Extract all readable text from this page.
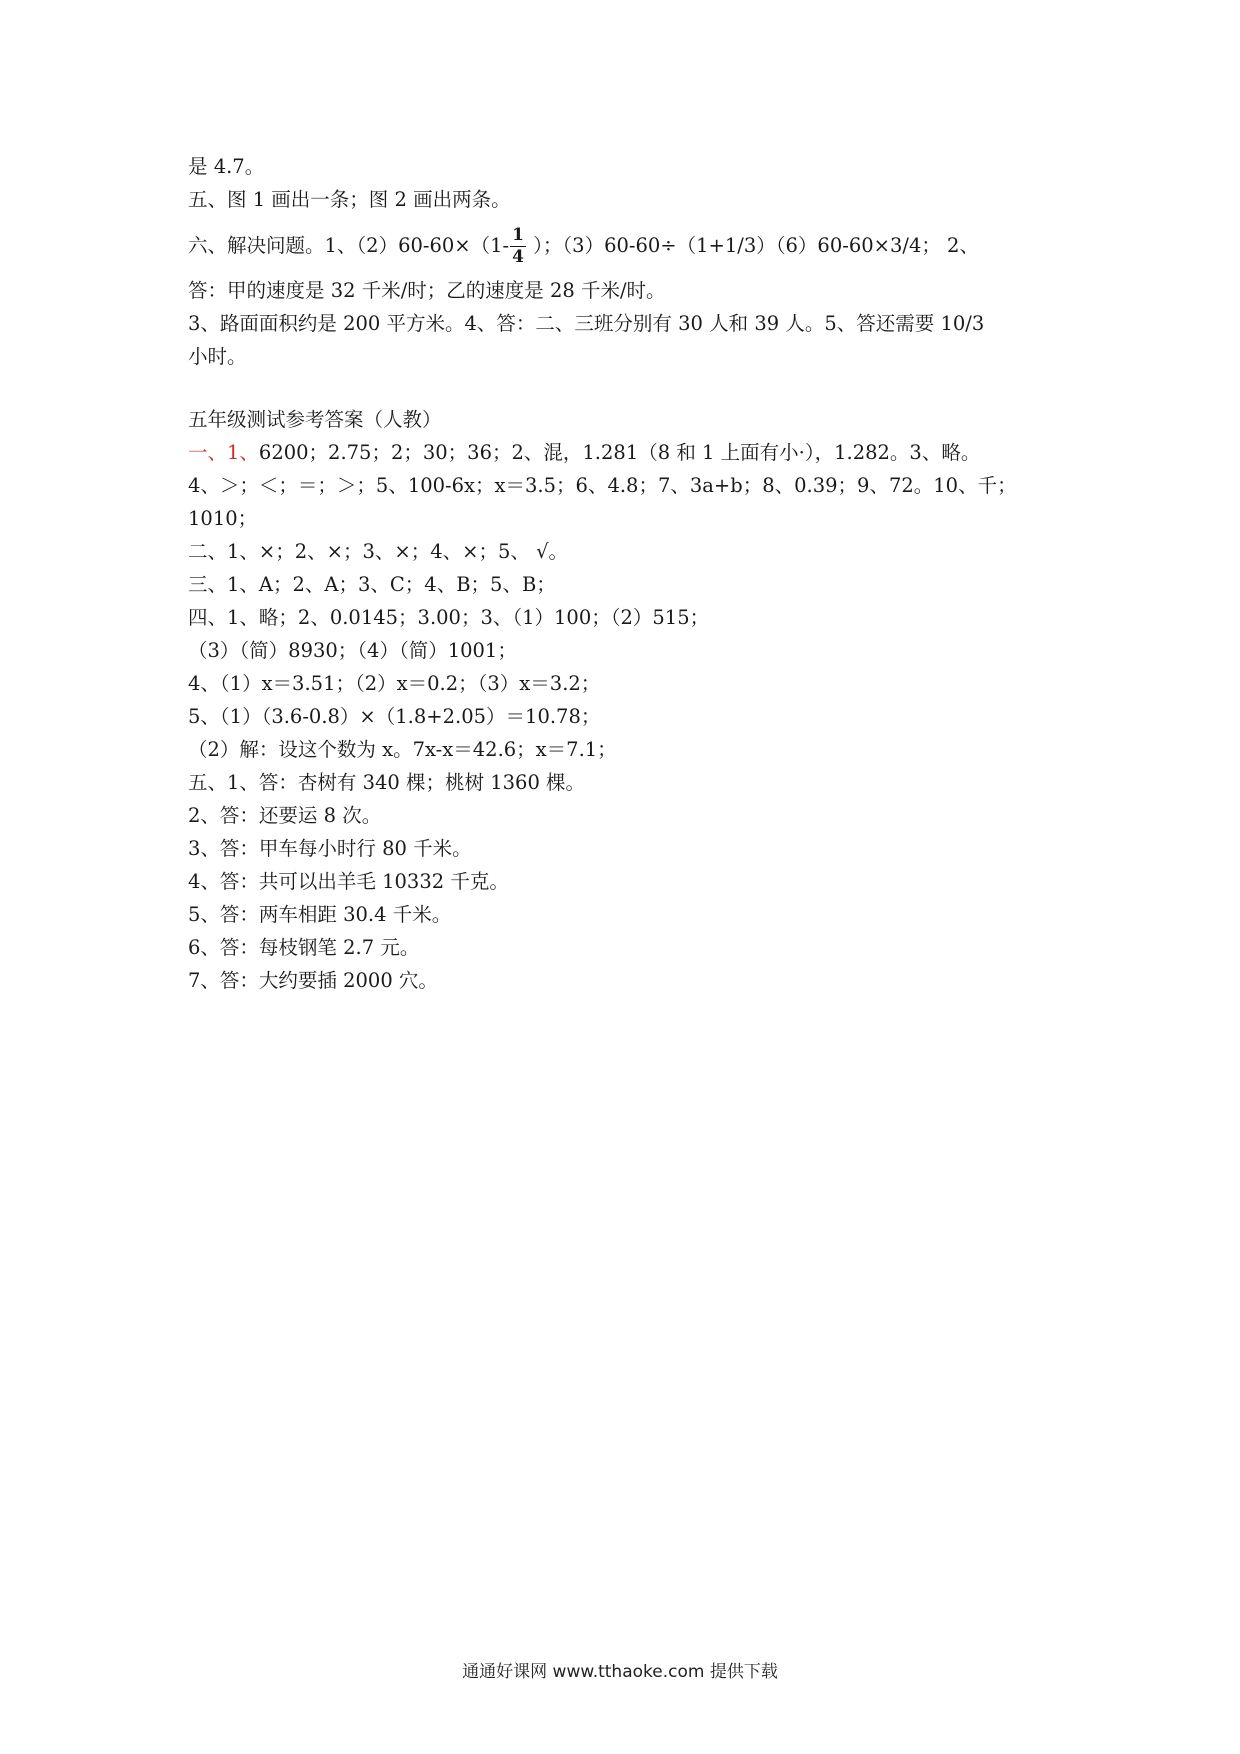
是 4.7。
五、图 1 画出一条；图 2 画出两条。
六、解决问题。1、$(2)60-60\times(1- \frac{1}{4}$ ）；（3）60-60÷（1+1/3）（6）60-60×3/4； 2、
答：甲的速度是 32 千米/时；乙的速度是 28 千米/时。
3、路面面积约是 200 平方米。4、答：二、三班分别有 30 人和 39 人。5、答还需要 10/3
小时。
五年级测试参考答案（人教）
一、1、6200；2.75；2；30；36；2、混，1.281（8 和 1 上面有小·），1.282。3、略。
4、＞；＜；＝；＞；5、100-6x；x＝3.5；6、4.8；7、3a+b；8、0.39；9、72。10、千；
1010；
二、1、×；2、×；3、×；4、×；5、 √。
三、1、A；2、A；3、C；4、B；5、B；
四、1、略；2、0.0145；3.00；3、（1）100；（2）515；
（3）（简）8930；（4）（简）1001；
4、（1）x＝3.51；（2）x＝0.2；（3）x＝3.2；
5、（1）（3.6-0.8）×（1.8+2.05）＝10.78；
（2）解：设这个数为 x。7x-x＝42.6；x＝7.1；
五、1、答：杏树有 340 棵；桃树 1360 棵。
2、答：还要运 8 次。
3、答：甲车每小时行 80 千米。
4、答：共可以出羊毛 10332 千克。
5、答：两车相距 30.4 千米。
6、答：每枝钢笔 2.7 元。
7、答：大约要插 2000 穴。
通通好课网 www.tthaoke.com 提供下载
